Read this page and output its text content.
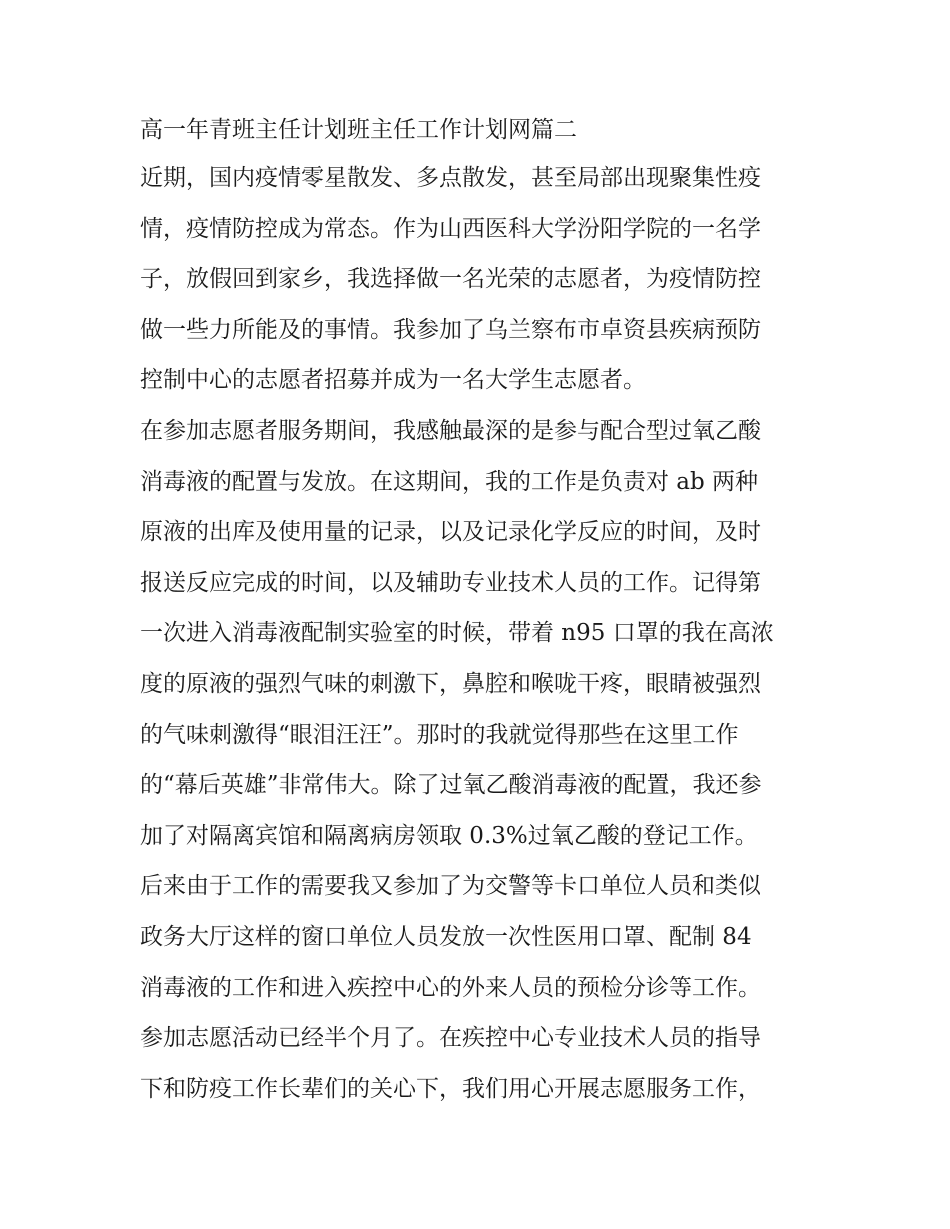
高一年青班主任计划班主任工作计划网篇二
近期，国内疫情零星散发、多点散发，甚至局部出现聚集性疫
情，疫情防控成为常态。作为山西医科大学汾阳学院的一名学
子，放假回到家乡，我选择做一名光荣的志愿者，为疫情防控
做一些力所能及的事情。我参加了乌兰察布市卓资县疾病预防
控制中心的志愿者招募并成为一名大学生志愿者。
在参加志愿者服务期间，我感触最深的是参与配合型过氧乙酸
消毒液的配置与发放。在这期间，我的工作是负责对 ab 两种
原液的出库及使用量的记录，以及记录化学反应的时间，及时
报送反应完成的时间，以及辅助专业技术人员的工作。记得第
一次进入消毒液配制实验室的时候，带着 n95 口罩的我在高浓
度的原液的强烈气味的刺激下，鼻腔和喉咙干疼，眼睛被强烈
的气味刺激得“眼泪汪汪”。那时的我就觉得那些在这里工作
的“幕后英雄”非常伟大。除了过氧乙酸消毒液的配置，我还参
加了对隔离宾馆和隔离病房领取 0.3%过氧乙酸的登记工作。
后来由于工作的需要我又参加了为交警等卡口单位人员和类似
政务大厅这样的窗口单位人员发放一次性医用口罩、配制 84
消毒液的工作和进入疾控中心的外来人员的预检分诊等工作。
参加志愿活动已经半个月了。在疾控中心专业技术人员的指导
下和防疫工作长辈们的关心下，我们用心开展志愿服务工作，
